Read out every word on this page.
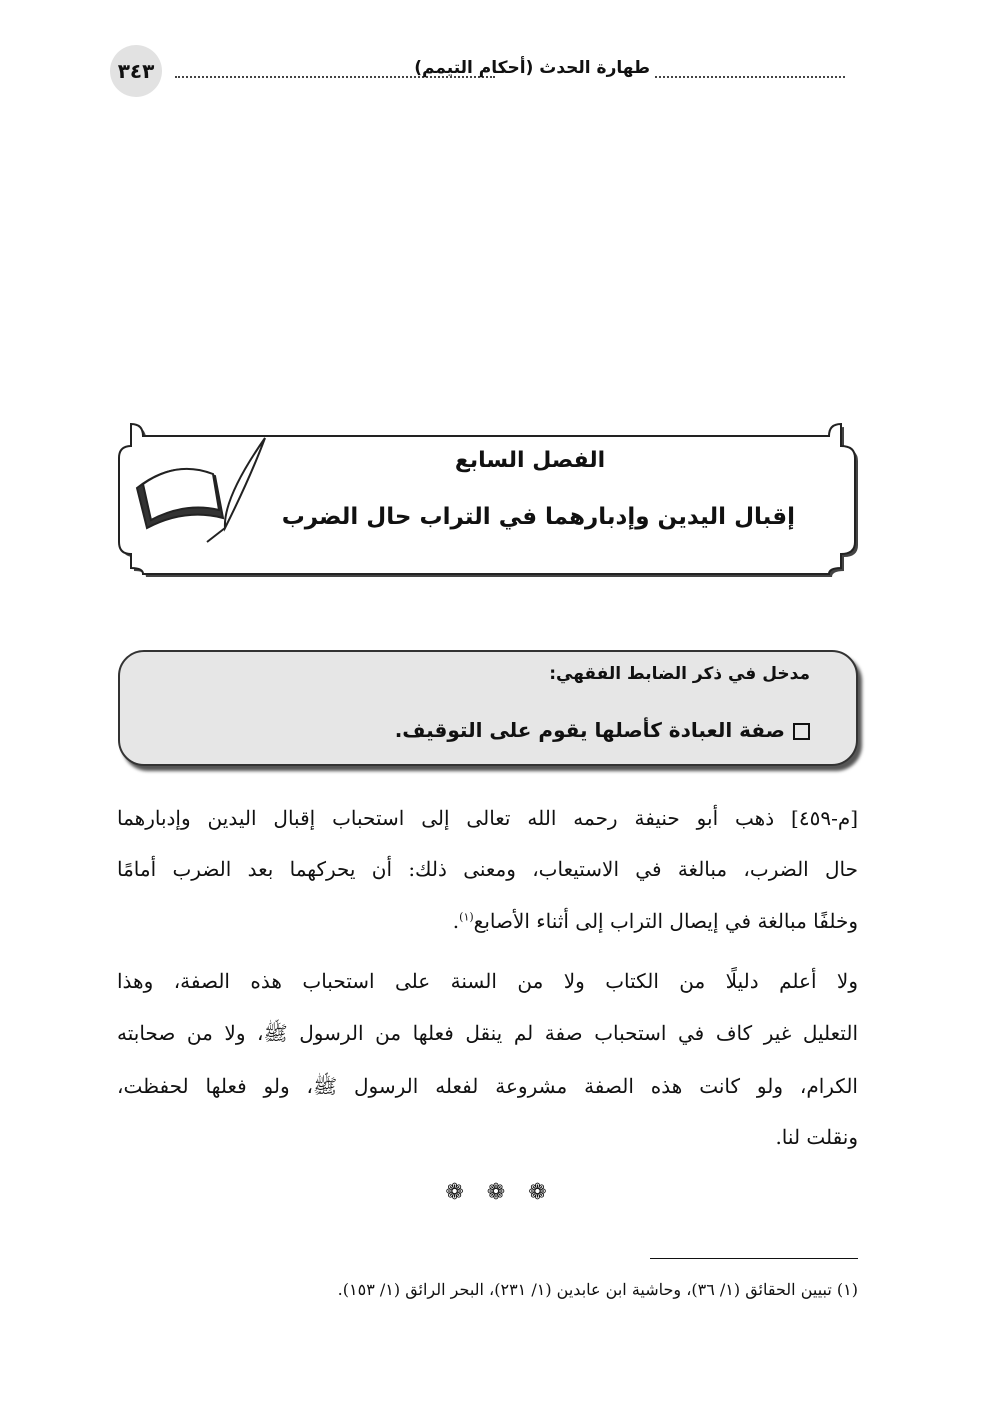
٣٤٣	طهارة الحدث (أحكام التيمم)
الفصل السابع
إقبال اليدين وإدبارهما في التراب حال الضرب
مدخل في ذكر الضابط الفقهي:
صفة العبادة كأصلها يقوم على التوقيف.
[م-٤٥٩] ذهب أبو حنيفة رحمه الله تعالى إلى استحباب إقبال اليدين وإدبارهما
حال الضرب، مبالغة في الاستيعاب، ومعنى ذلك: أن يحركهما بعد الضرب أمامًا
وخلفًا مبالغة في إيصال التراب إلى أثناء الأصابع$^{(١)}$.
ولا أعلم دليلًا من الكتاب ولا من السنة على استحباب هذه الصفة، وهذا
التعليل غير كاف في استحباب صفة لم ينقل فعلها من الرسول ﷺ، ولا من صحابته
الكرام، ولو كانت هذه الصفة مشروعة لفعله الرسول ﷺ، ولو فعلها لحفظت،
ونقلت لنا.
❁ ❁ ❁
(١) تبيين الحقائق (١/ ٣٦)، وحاشية ابن عابدين (١/ ٢٣١)، البحر الرائق (١/ ١٥٣).
